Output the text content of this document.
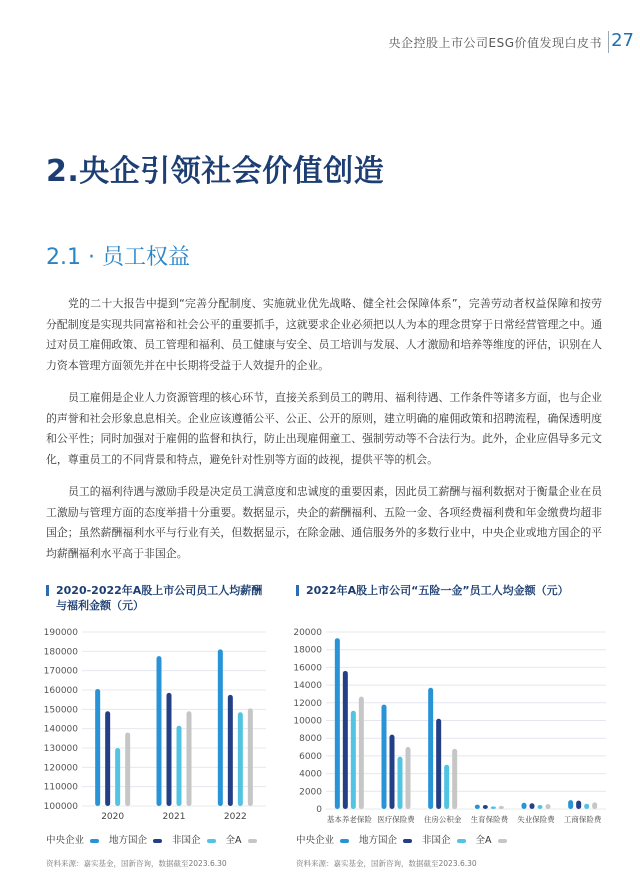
央企控股上市公司ESG价值发现白皮书 27
2.央企引领社会价值创造
2.1 · 员工权益

党的二十大报告中提到“完善分配制度、实施就业优先战略、健全社会保障体系”，完善劳动者权益保障和按劳分配制度是实现共同富裕和社会公平的重要抓手，这就要求企业必须把以人为本的理念贯穿于日常经营管理之中。通过对员工雇佣政策、员工管理和福利、员工健康与安全、员工培训与发展、人才激励和培养等维度的评估，识别在人力资本管理方面领先并在中长期将受益于人效提升的企业。

员工雇佣是企业人力资源管理的核心环节，直接关系到员工的聘用、福利待遇、工作条件等诸多方面，也与企业的声誉和社会形象息息相关。企业应该遵循公平、公正、公开的原则，建立明确的雇佣政策和招聘流程，确保透明度和公平性；同时加强对于雇佣的监督和执行，防止出现雇佣童工、强制劳动等不合法行为。此外，企业应倡导多元文化，尊重员工的不同背景和特点，避免针对性别等方面的歧视，提供平等的机会。

员工的福利待遇与激励手段是决定员工满意度和忠诚度的重要因素，因此员工薪酬与福利数据对于衡量企业在员工激励与管理方面的态度举措十分重要。数据显示，央企的薪酬福利、五险一金、各项经费福利费和年金缴费均超非国企；虽然薪酬福利水平与行业有关，但数据显示，在除金融、通信服务外的多数行业中，中央企业或地方国企的平均薪酬福利水平高于非国企。

2020-2022年A股上市公司员工人均薪酬
与福利金额（元）
100000
110000
120000
130000
140000
150000
160000
170000
180000
190000
2020	2021	2022
中央企业	地方国企	非国企	全A
资料来源：嘉实基金，国新咨询，数据截至2023.6.30
2022年A股上市公司“五险一金”员工人均金额（元）
0
2000
4000
6000
8000
10000
12000
14000
16000
18000
20000
基本养老保险 医疗保险费 住房公积金 生育保险费 失业保险费 工商保险费
中央企业	地方国企	非国企	全A
资料来源：嘉实基金，国新咨询，数据截至2023.6.30
